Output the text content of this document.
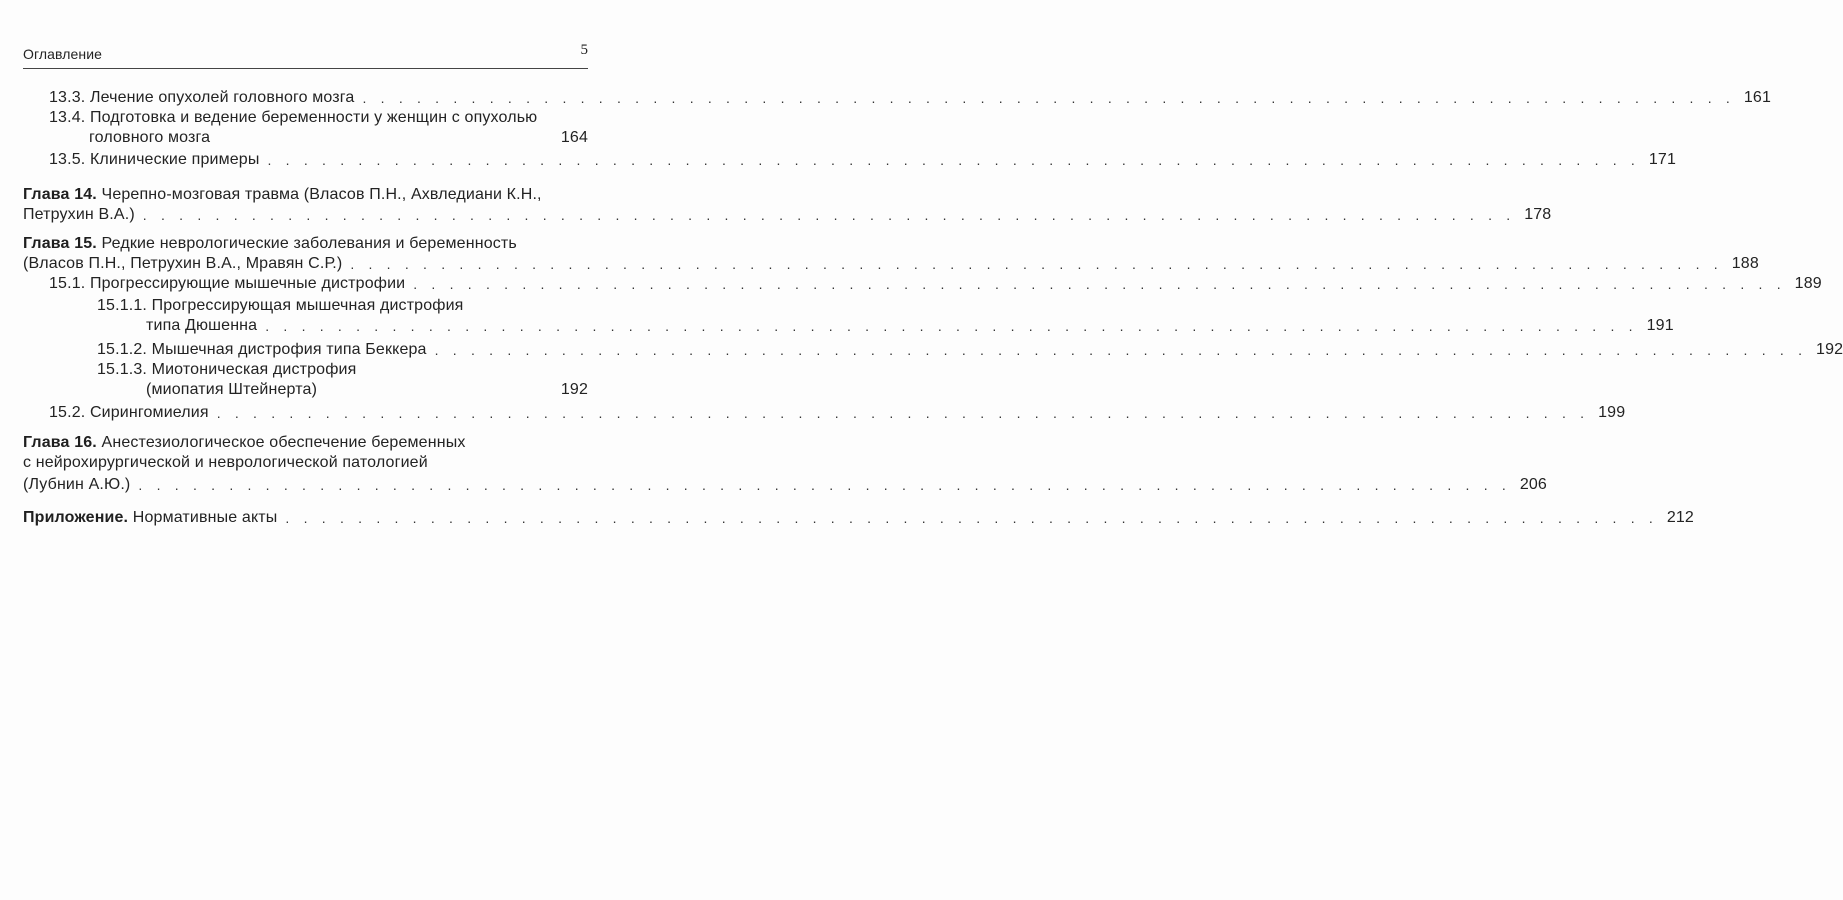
Оглавление	5
13.3. Лечение опухолей головного мозга . . . . . . . . . . . . . . . . . . . . . . . . . . . . . . . . . . . . . . . . . . . . . . . . . . . . . . . . . . . . . . . . . . . . . . . . . . . . 161
13.4. Подготовка и ведение беременности у женщин с опухолью
головного мозга	164
13.5. Клинические примеры . . . . . . . . . . . . . . . . . . . . . . . . . . . . . . . . . . . . . . . . . . . . . . . . . . . . . . . . . . . . . . . . . . . . . . . . . . . . 171
Глава 14. Черепно-мозговая травма (Власов П.Н., Ахвледиани К.Н.,
Петрухин В.А.) . . . . . . . . . . . . . . . . . . . . . . . . . . . . . . . . . . . . . . . . . . . . . . . . . . . . . . . . . . . . . . . . . . . . . . . . . . . . 178
Глава 15. Редкие неврологические заболевания и беременность
(Власов П.Н., Петрухин В.А., Мравян С.Р.) . . . . . . . . . . . . . . . . . . . . . . . . . . . . . . . . . . . . . . . . . . . . . . . . . . . . . . . . . . . . . . . . . . . . . . . . . . . . 188
15.1. Прогрессирующие мышечные дистрофии . . . . . . . . . . . . . . . . . . . . . . . . . . . . . . . . . . . . . . . . . . . . . . . . . . . . . . . . . . . . . . . . . . . . . . . . . . . . 189
15.1.1. Прогрессирующая мышечная дистрофия
типа Дюшенна . . . . . . . . . . . . . . . . . . . . . . . . . . . . . . . . . . . . . . . . . . . . . . . . . . . . . . . . . . . . . . . . . . . . . . . . . . . . 191
15.1.2. Мышечная дистрофия типа Беккера . . . . . . . . . . . . . . . . . . . . . . . . . . . . . . . . . . . . . . . . . . . . . . . . . . . . . . . . . . . . . . . . . . . . . . . . . . . . 192
15.1.3. Миотоническая дистрофия
(миопатия Штейнерта)	192
15.2. Сирингомиелия . . . . . . . . . . . . . . . . . . . . . . . . . . . . . . . . . . . . . . . . . . . . . . . . . . . . . . . . . . . . . . . . . . . . . . . . . . . . 199
Глава 16. Анестезиологическое обеспечение беременных
с нейрохирургической и неврологической патологией
(Лубнин А.Ю.) . . . . . . . . . . . . . . . . . . . . . . . . . . . . . . . . . . . . . . . . . . . . . . . . . . . . . . . . . . . . . . . . . . . . . . . . . . . . 206
Приложение. Нормативные акты . . . . . . . . . . . . . . . . . . . . . . . . . . . . . . . . . . . . . . . . . . . . . . . . . . . . . . . . . . . . . . . . . . . . . . . . . . . . 212
